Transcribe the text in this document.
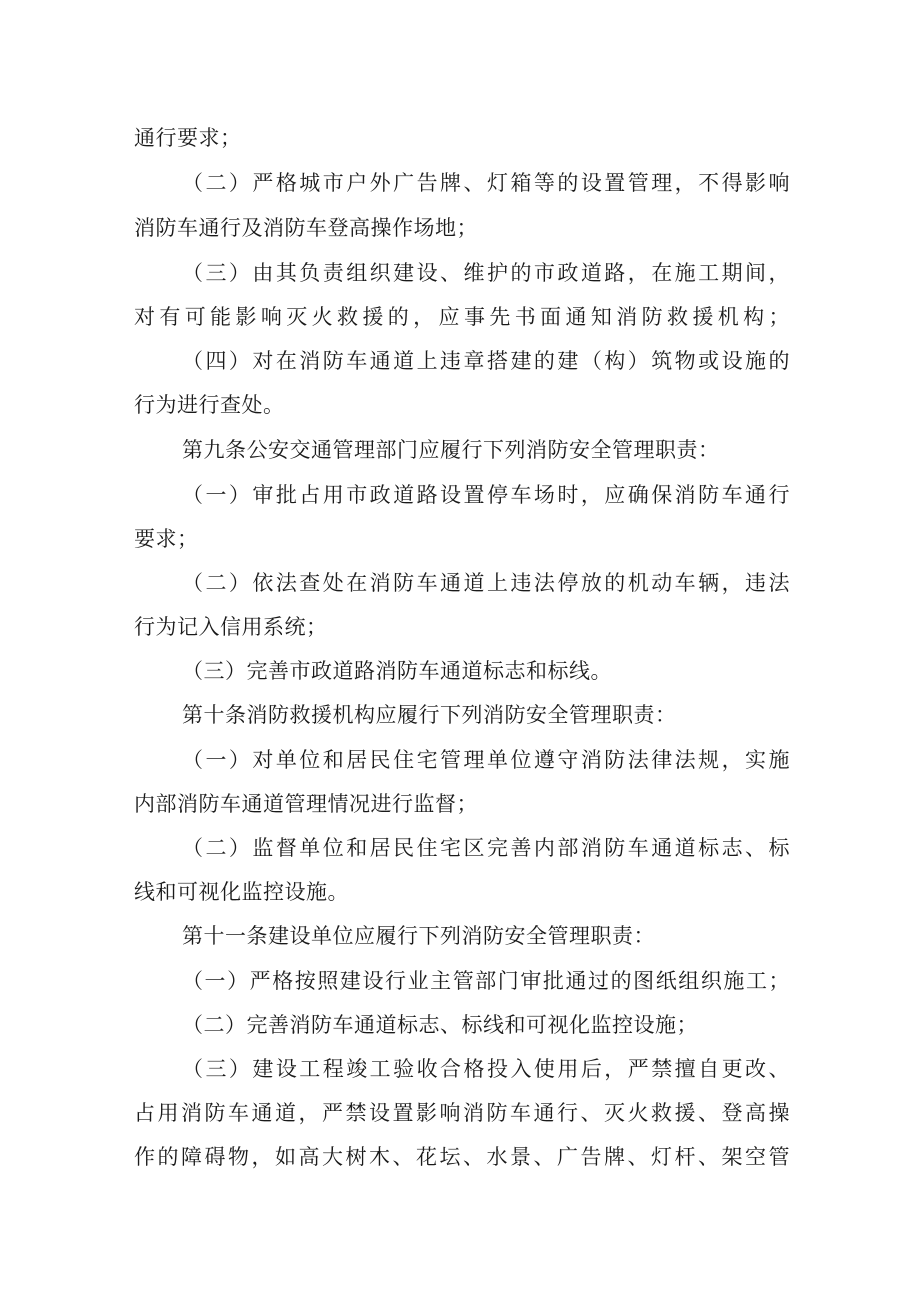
通行要求；
（二）严格城市户外广告牌、灯箱等的设置管理，不得影响
消防车通行及消防车登高操作场地；
（三）由其负责组织建设、维护的市政道路，在施工期间，
对有可能影响灭火救援的，应事先书面通知消防救援机构；
（四）对在消防车通道上违章搭建的建（构）筑物或设施的
行为进行查处。
第九条公安交通管理部门应履行下列消防安全管理职责：
（一）审批占用市政道路设置停车场时，应确保消防车通行
要求；
（二）依法查处在消防车通道上违法停放的机动车辆，违法
行为记入信用系统；
（三）完善市政道路消防车通道标志和标线。
第十条消防救援机构应履行下列消防安全管理职责：
（一）对单位和居民住宅管理单位遵守消防法律法规，实施
内部消防车通道管理情况进行监督；
（二）监督单位和居民住宅区完善内部消防车通道标志、标
线和可视化监控设施。
第十一条建设单位应履行下列消防安全管理职责：
（一）严格按照建设行业主管部门审批通过的图纸组织施工；
（二）完善消防车通道标志、标线和可视化监控设施；
（三）建设工程竣工验收合格投入使用后，严禁擅自更改、
占用消防车通道，严禁设置影响消防车通行、灭火救援、登高操
作的障碍物，如高大树木、花坛、水景、广告牌、灯杆、架空管
